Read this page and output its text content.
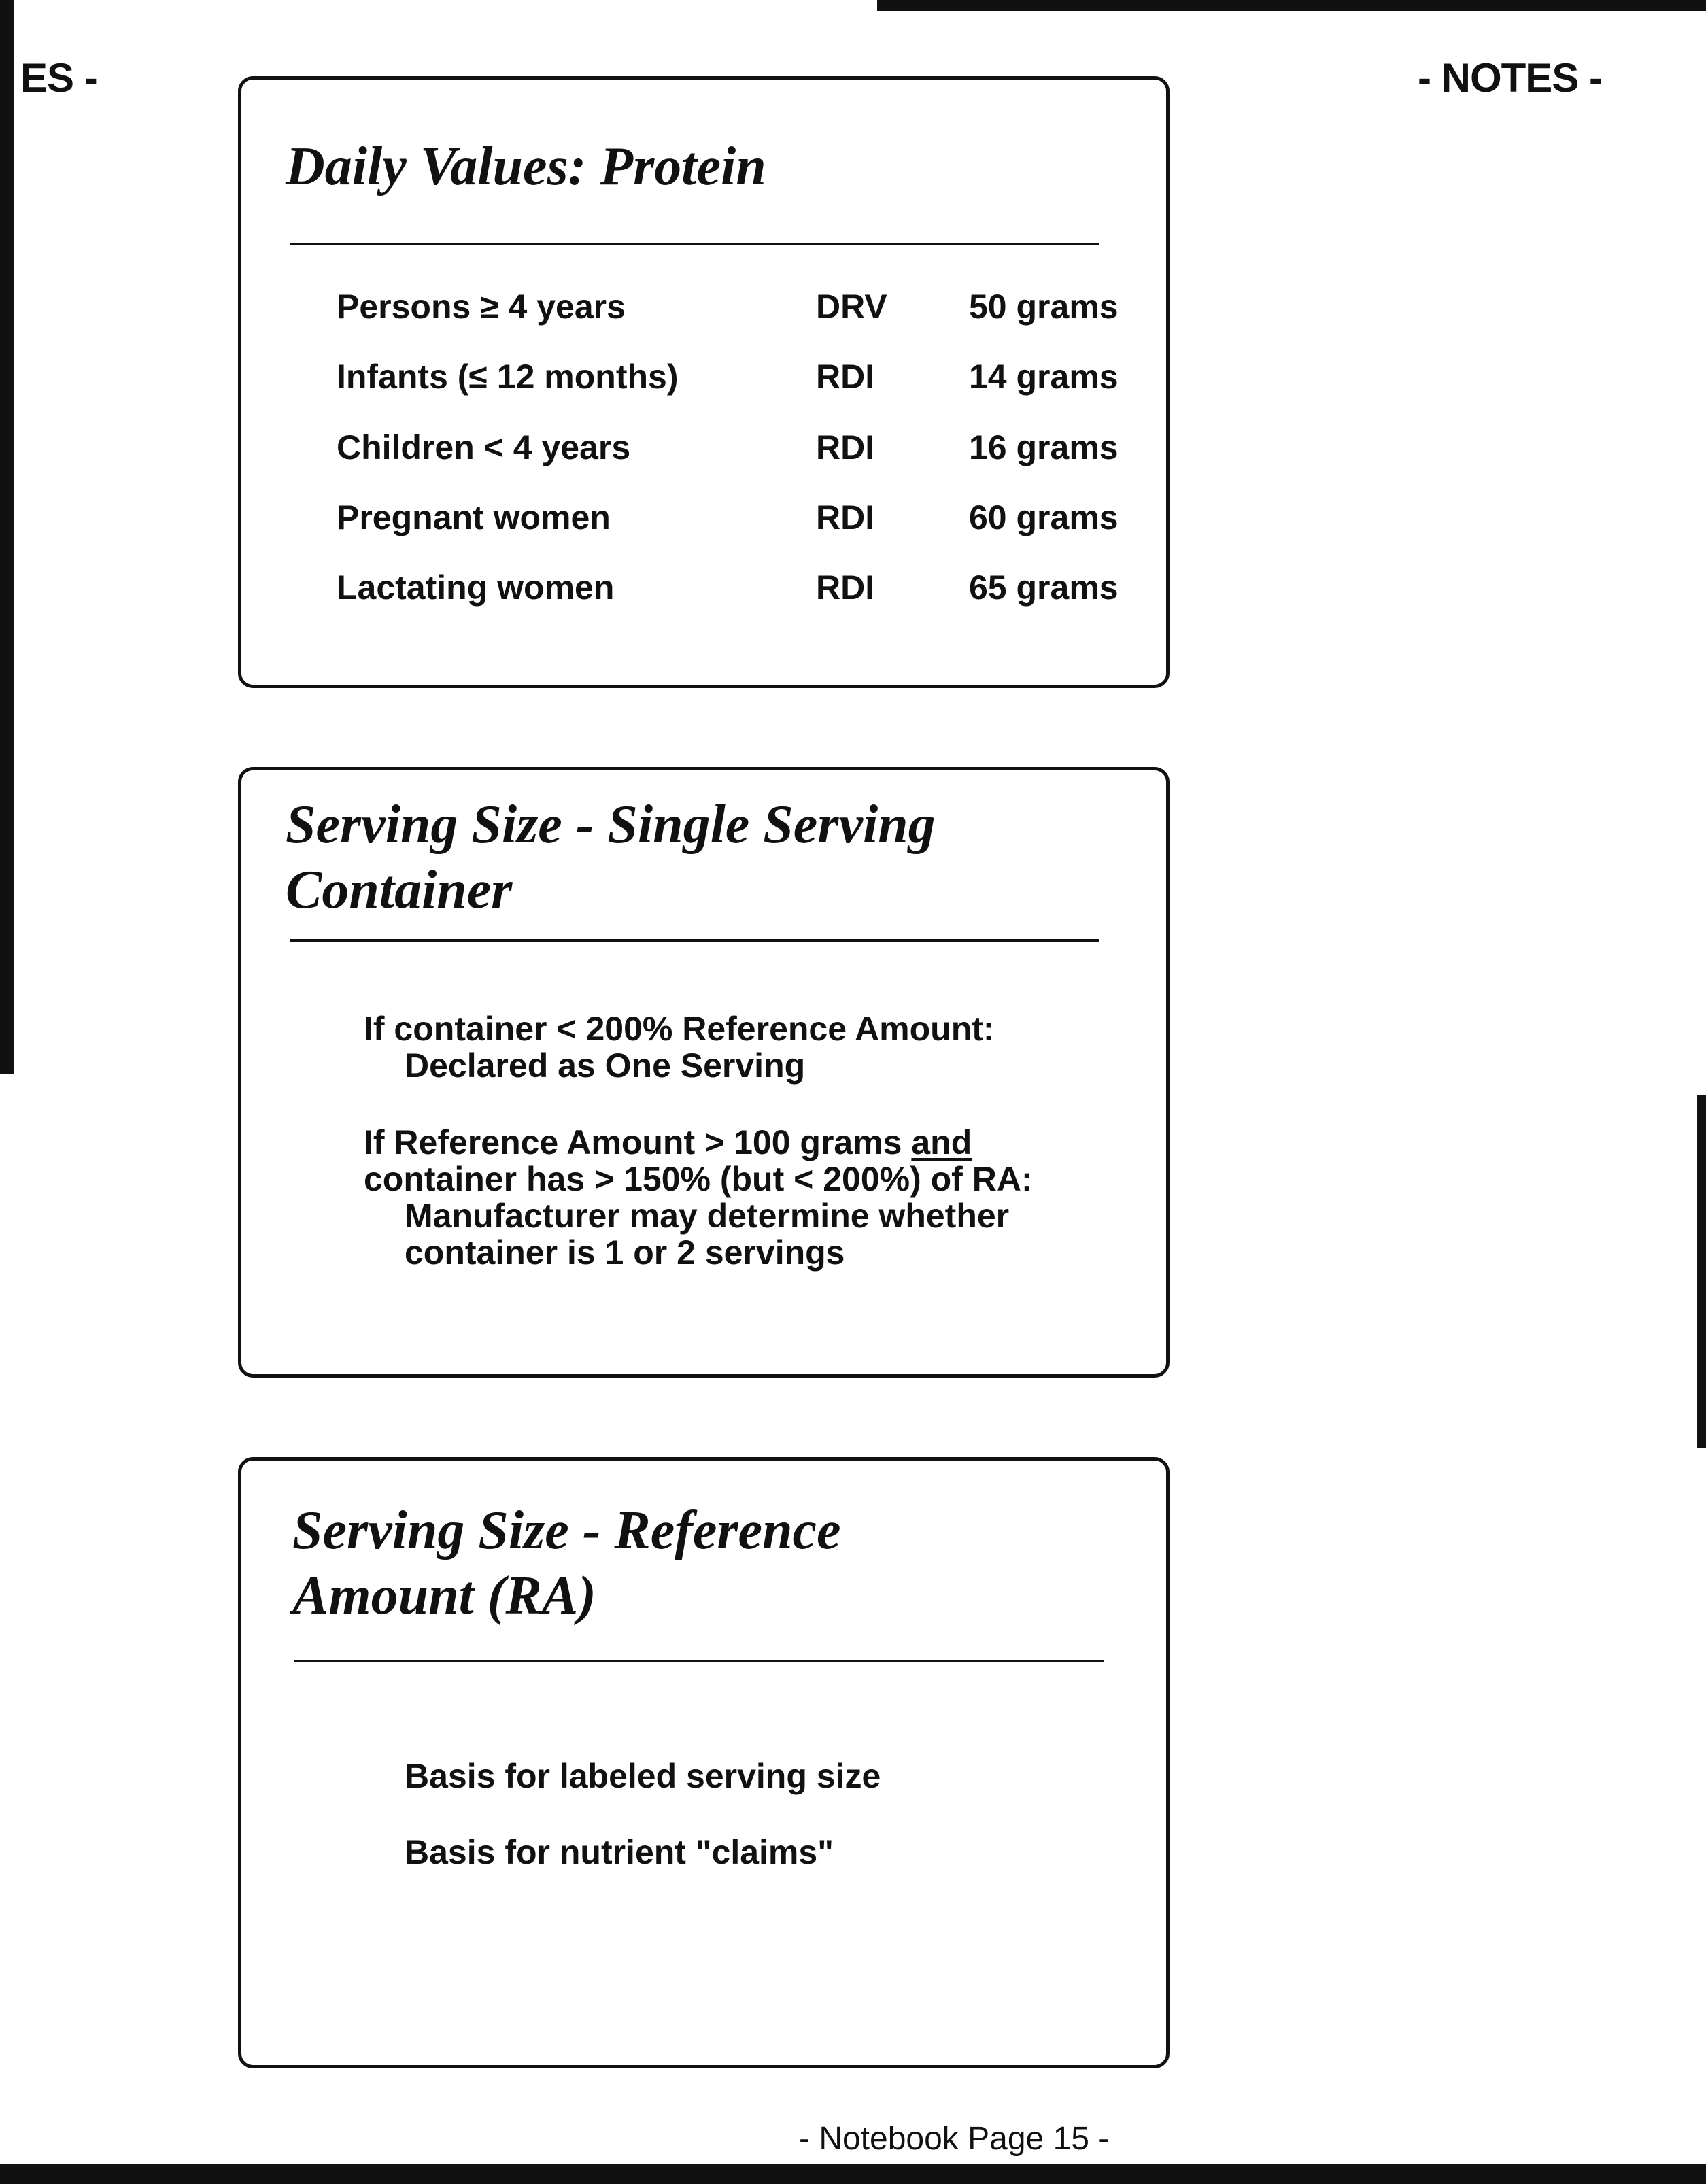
ES -	- NOTES -
Daily Values: Protein
Persons ≥ 4 years	DRV 50 grams
Infants (≤ 12 months)	RDI	14 grams
Children < 4 years	RDI	16 grams
Pregnant women	RDI	60 grams
Lactating women	RDI	65 grams
Serving Size - Single Serving
Container
If container < 200% Reference Amount:
Declared as One Serving
If Reference Amount > 100 grams and
container has > 150% (but < 200%) of RA:
Manufacturer may determine whether
container is 1 or 2 servings
Serving Size - Reference
Amount (RA)
Basis for labeled serving size
Basis for nutrient "claims"
- Notebook Page 15 -
